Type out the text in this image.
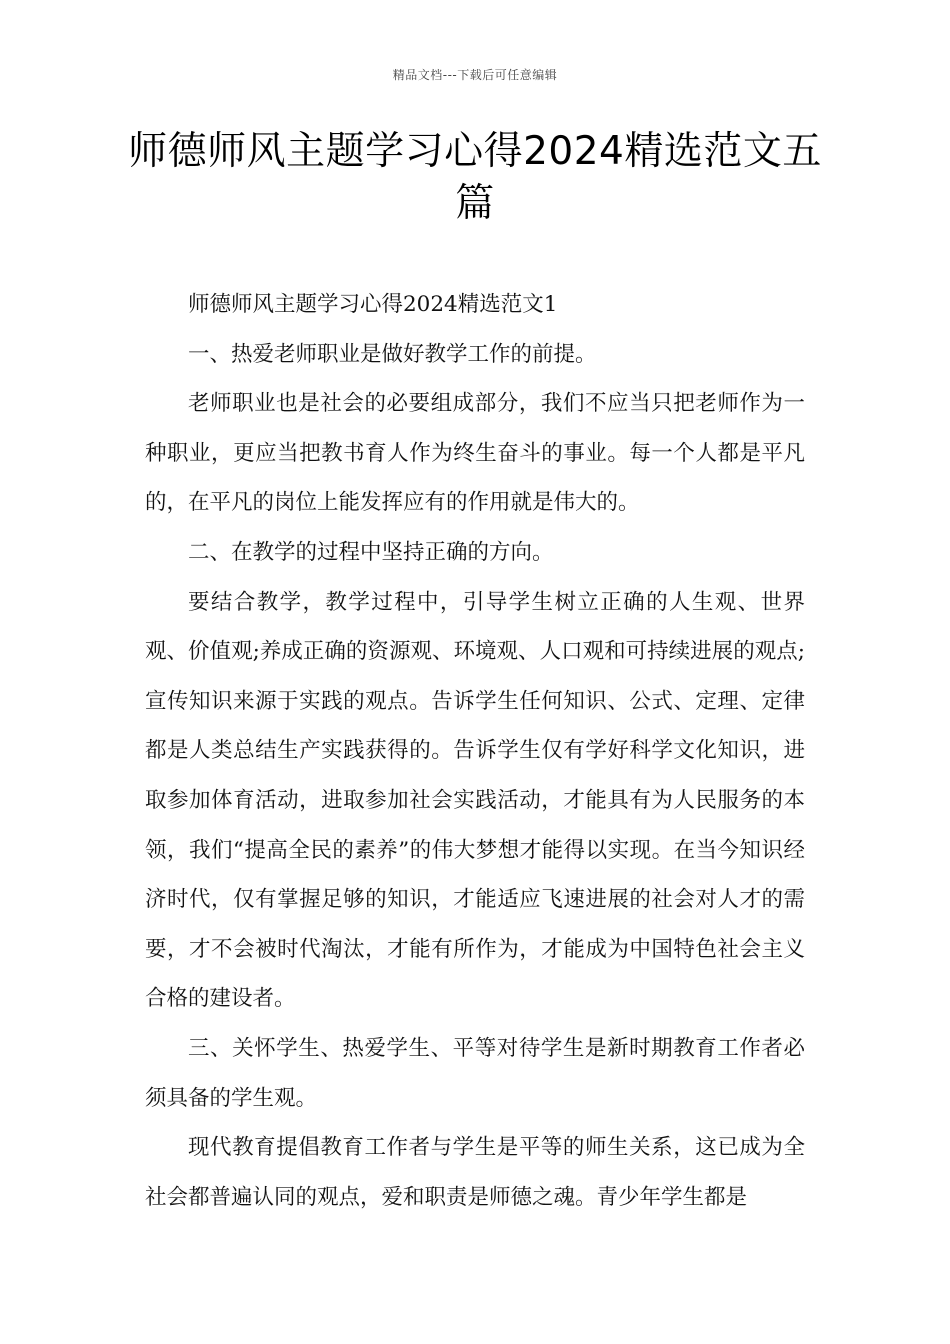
精品文档---下载后可任意编辑
师德师风主题学习心得2024精选范文五篇

师德师风主题学习心得2024精选范文1

一、热爱老师职业是做好教学工作的前提。

老师职业也是社会的必要组成部分，我们不应当只把老师作为一种职业，更应当把教书育人作为终生奋斗的事业。每一个人都是平凡的，在平凡的岗位上能发挥应有的作用就是伟大的。

二、在教学的过程中坚持正确的方向。

要结合教学，教学过程中，引导学生树立正确的人生观、世界观、价值观;养成正确的资源观、环境观、人口观和可持续进展的观点;宣传知识来源于实践的观点。告诉学生任何知识、公式、定理、定律都是人类总结生产实践获得的。告诉学生仅有学好科学文化知识，进取参加体育活动，进取参加社会实践活动，才能具有为人民服务的本领，我们“提高全民的素养”的伟大梦想才能得以实现。在当今知识经济时代，仅有掌握足够的知识，才能适应飞速进展的社会对人才的需要，才不会被时代淘汰，才能有所作为，才能成为中国特色社会主义合格的建设者。

三、关怀学生、热爱学生、平等对待学生是新时期教育工作者必须具备的学生观。

现代教育提倡教育工作者与学生是平等的师生关系，这已成为全社会都普遍认同的观点，爱和职责是师德之魂。青少年学生都是
